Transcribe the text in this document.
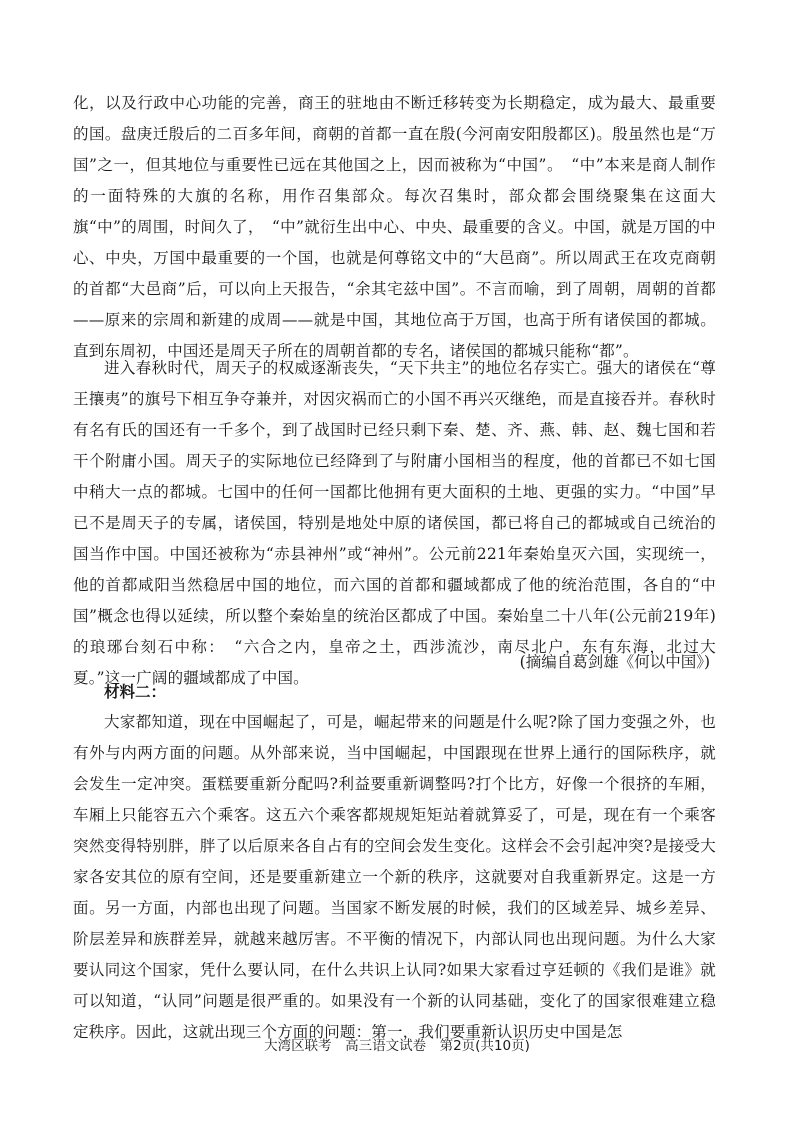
化，以及行政中心功能的完善，商王的驻地由不断迁移转变为长期稳定，成为最大、最重要的国。盘庚迁殷后的二百多年间，商朝的首都一直在殷(今河南安阳殷都区)。殷虽然也是“万国”之一，但其地位与重要性已远在其他国之上，因而被称为“中国”。　“中”本来是商人制作的一面特殊的大旗的名称，用作召集部众。每次召集时，部众都会围绕聚集在这面大旗“中”的周围，时间久了，　“中”就衍生出中心、中央、最重要的含义。中国，就是万国的中心、中央，万国中最重要的一个国，也就是何尊铭文中的“大邑商”。所以周武王在攻克商朝的首都“大邑商”后，可以向上天报告，“余其宅兹中国”。不言而喻，到了周朝，周朝的首都——原来的宗周和新建的成周——就是中国，其地位高于万国，也高于所有诸侯国的都城。直到东周初，中国还是周天子所在的周朝首都的专名，诸侯国的都城只能称“都”。
进入春秋时代，周天子的权威逐渐丧失，“天下共主”的地位名存实亡。强大的诸侯在“尊王攘夷”的旗号下相互争夺兼并，对因灾祸而亡的小国不再兴灭继绝，而是直接吞并。春秋时有名有氏的国还有一千多个，到了战国时已经只剩下秦、楚、齐、燕、韩、赵、魏七国和若干个附庸小国。周天子的实际地位已经降到了与附庸小国相当的程度，他的首都已不如七国中稍大一点的都城。七国中的任何一国都比他拥有更大面积的土地、更强的实力。“中国”早已不是周天子的专属，诸侯国，特别是地处中原的诸侯国，都已将自己的都城或自己统治的国当作中国。中国还被称为“赤县神州”或“神州”。公元前221年秦始皇灭六国，实现统一，他的首都咸阳当然稳居中国的地位，而六国的首都和疆域都成了他的统治范围，各自的“中国”概念也得以延续，所以整个秦始皇的统治区都成了中国。秦始皇二十八年(公元前219年)的琅琊台刻石中称：　“六合之内，皇帝之土，西涉流沙，南尽北户，东有东海，北过大夏。”这一广阔的疆域都成了中国。
(摘编自葛剑雄《何以中国》)
材料二：
大家都知道，现在中国崛起了，可是，崛起带来的问题是什么呢?除了国力变强之外，也有外与内两方面的问题。从外部来说，当中国崛起，中国跟现在世界上通行的国际秩序，就会发生一定冲突。蛋糕要重新分配吗?利益要重新调整吗?打个比方，好像一个很挤的车厢，车厢上只能容五六个乘客。这五六个乘客都规规矩矩站着就算妥了，可是，现在有一个乘客突然变得特别胖，胖了以后原来各自占有的空间会发生变化。这样会不会引起冲突?是接受大家各安其位的原有空间，还是要重新建立一个新的秩序，这就要对自我重新界定。这是一方面。另一方面，内部也出现了问题。当国家不断发展的时候，我们的区域差异、城乡差异、阶层差异和族群差异，就越来越厉害。不平衡的情况下，内部认同也出现问题。为什么大家要认同这个国家，凭什么要认同，在什么共识上认同?如果大家看过亨廷顿的《我们是谁》就可以知道，“认同”问题是很严重的。如果没有一个新的认同基础，变化了的国家很难建立稳定秩序。因此，这就出现三个方面的问题：第一，我们要重新认识历史中国是怎
大湾区联考　高三语文试卷　第2页(共10页)
